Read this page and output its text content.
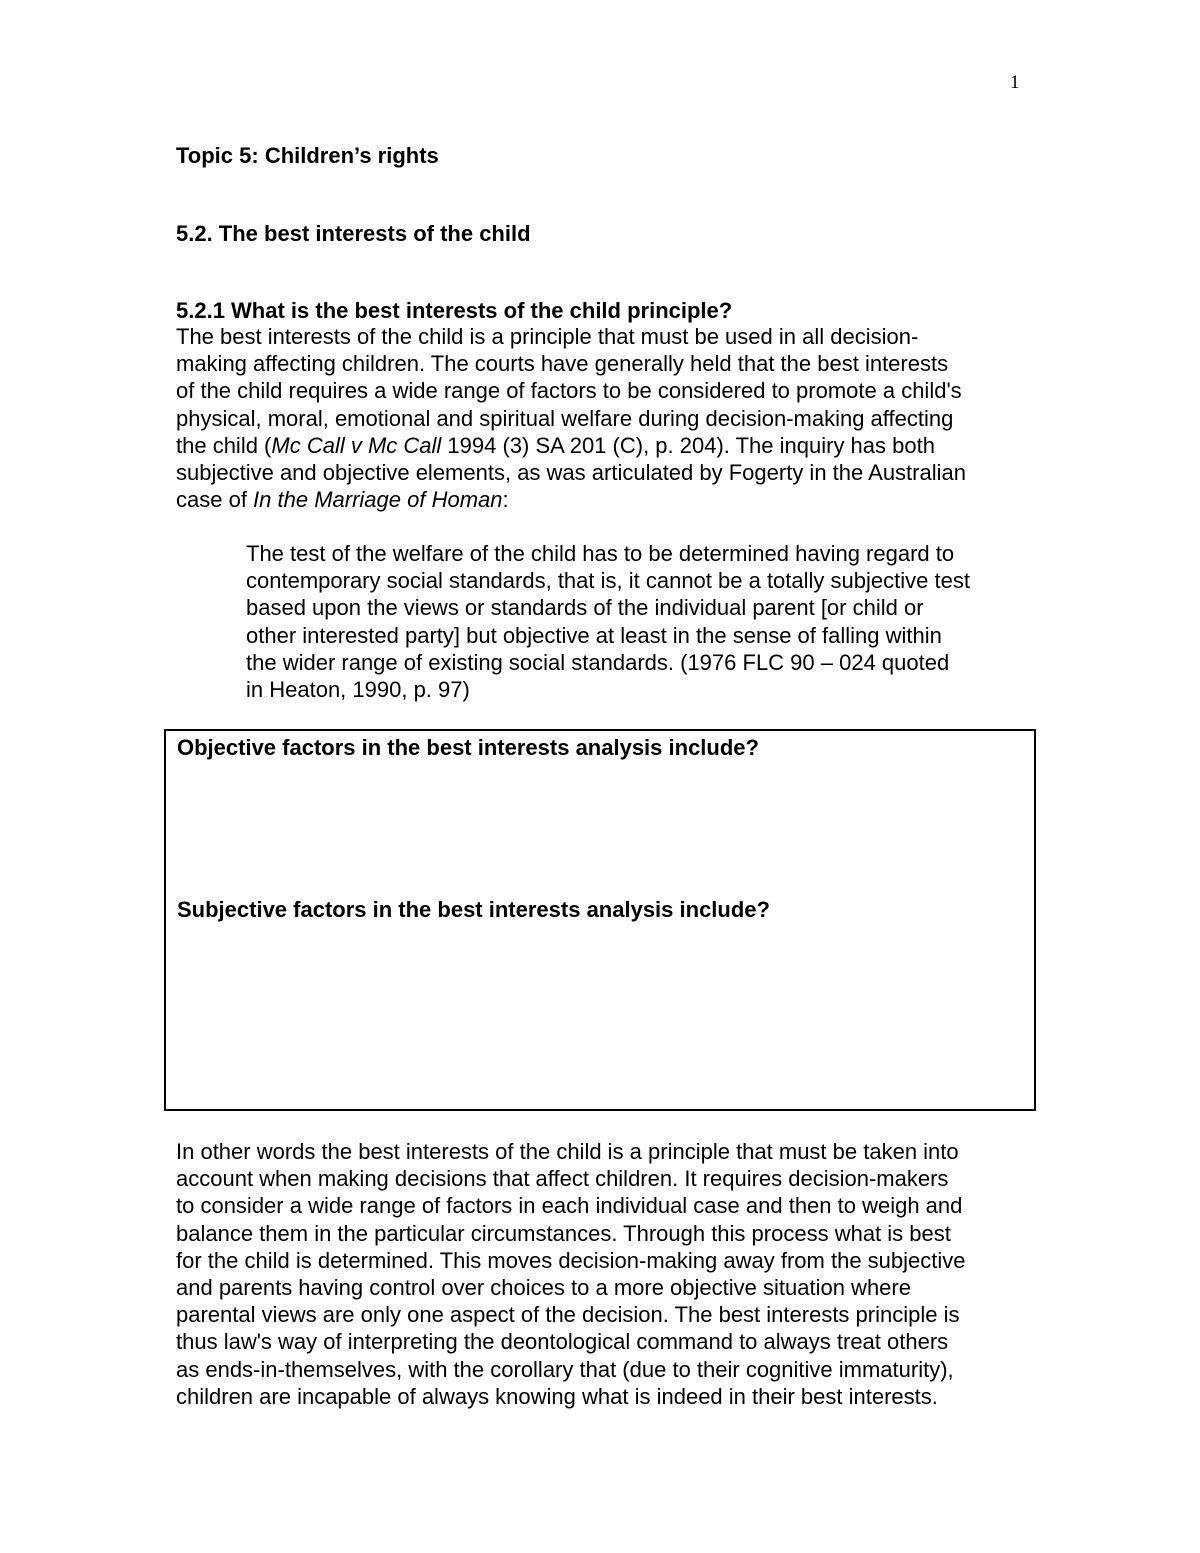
1
Topic 5: Children’s rights
5.2. The best interests of the child
5.2.1 What is the best interests of the child principle?

The best interests of the child is a principle that must be used in all decision-
making affecting children. The courts have generally held that the best interests
of the child requires a wide range of factors to be considered to promote a child's
physical, moral, emotional and spiritual welfare during decision-making affecting
the child (Mc Call v Mc Call 1994 (3) SA 201 (C), p. 204). The inquiry has both
subjective and objective elements, as was articulated by Fogerty in the Australian
case of In the Marriage of Homan:

The test of the welfare of the child has to be determined having regard to
contemporary social standards, that is, it cannot be a totally subjective test
based upon the views or standards of the individual parent [or child or
other interested party] but objective at least in the sense of falling within
the wider range of existing social standards. (1976 FLC 90 – 024 quoted
in Heaton, 1990, p. 97)
Objective factors in the best interests analysis include?
Subjective factors in the best interests analysis include?

In other words the best interests of the child is a principle that must be taken into
account when making decisions that affect children. It requires decision-makers
to consider a wide range of factors in each individual case and then to weigh and
balance them in the particular circumstances. Through this process what is best
for the child is determined. This moves decision-making away from the subjective
and parents having control over choices to a more objective situation where
parental views are only one aspect of the decision. The best interests principle is
thus law's way of interpreting the deontological command to always treat others
as ends-in-themselves, with the corollary that (due to their cognitive immaturity),
children are incapable of always knowing what is indeed in their best interests.
